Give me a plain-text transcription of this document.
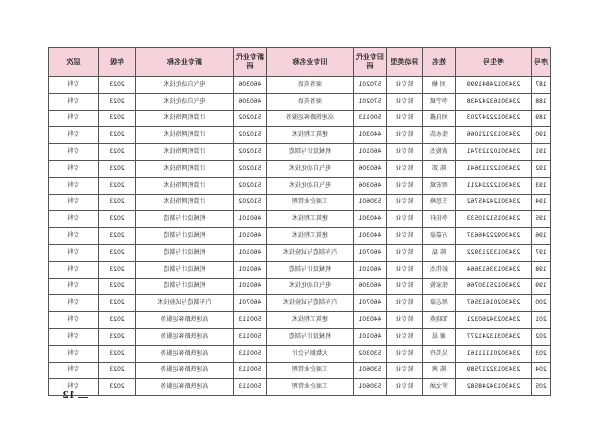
序号	考生号	姓名	异动类型	旧专业代码	旧专业名称	新专业代码	新专业名称	年级	层次
187	23430124841999	刘 楠	转专业	570201	商务英语	460306	电气自动化技术	2023	专科
188	23430163242438	李宇斌	转专业	570201	商务英语	460306	电气自动化技术	2023	专科
189	23430122247203	刘良鑫	转专业	500113	高速铁路客运服务	510202	计算机网络技术	2023	专科
190	23430132121066	张永浩	转专业	440301	建筑工程技术	510202	计算机网络技术	2023	专科
191	23430102123741	黄俊杰	转专业	460101	机械设计与制造	510202	计算机网络技术	2023	专科
192	23430122113641	陈 郢	转专业	460306	电气自动化技术	510202	计算机网络技术	2023	专科
193	23430122224211	周宏斌	转专业	460306	电气自动化技术	510202	计算机网络技术	2023	专科
194	23430124245762	王思峰	转专业	530601	工商企业管理	510202	计算机网络技术	2023	专科
195	23430151210533	李佳轩	转专业	440301	建筑工程技术	460101	机械设计与制造	2023	专科
196	23430922246637	方嘉豪	转专业	440301	建筑工程技术	460101	机械设计与制造	2023	专科
197	23430133213922	陈 磊	转专业	460701	汽车制造与试验技术	460101	机械设计与制造	2023	专科
198	23430133613664	彭伟杰	转专业	460101	机械设计与制造	460101	机械设计与制造	2023	专科
199	23430125130766	张家俊	转专业	460306	电气自动化技术	460101	机械设计与制造	2023	专科
200	23430201613567	周志豪	转专业	460701	汽车制造与试验技术	460701	汽车制造与试验技术	2023	专科
201	23430234260321	邹晓燕	转专业	440301	建筑工程技术	500113	高速铁路客运服务	2023	专科
202	23430313241277	谢 晨	转专业	460101	机械设计与制造	500113	高速铁路客运服务	2023	专科
203	23430201111161	吴美玲	转专业	530302	大数据与会计	500113	高速铁路客运服务	2023	专科
204	23430132217589	陈 茜	转专业	530601	工商企业管理	500113	高速铁路客运服务	2023	专科
205	23430134248582	罗文涵	转专业	530601	工商企业管理	500113	高速铁路客运服务	2023	专科
12
